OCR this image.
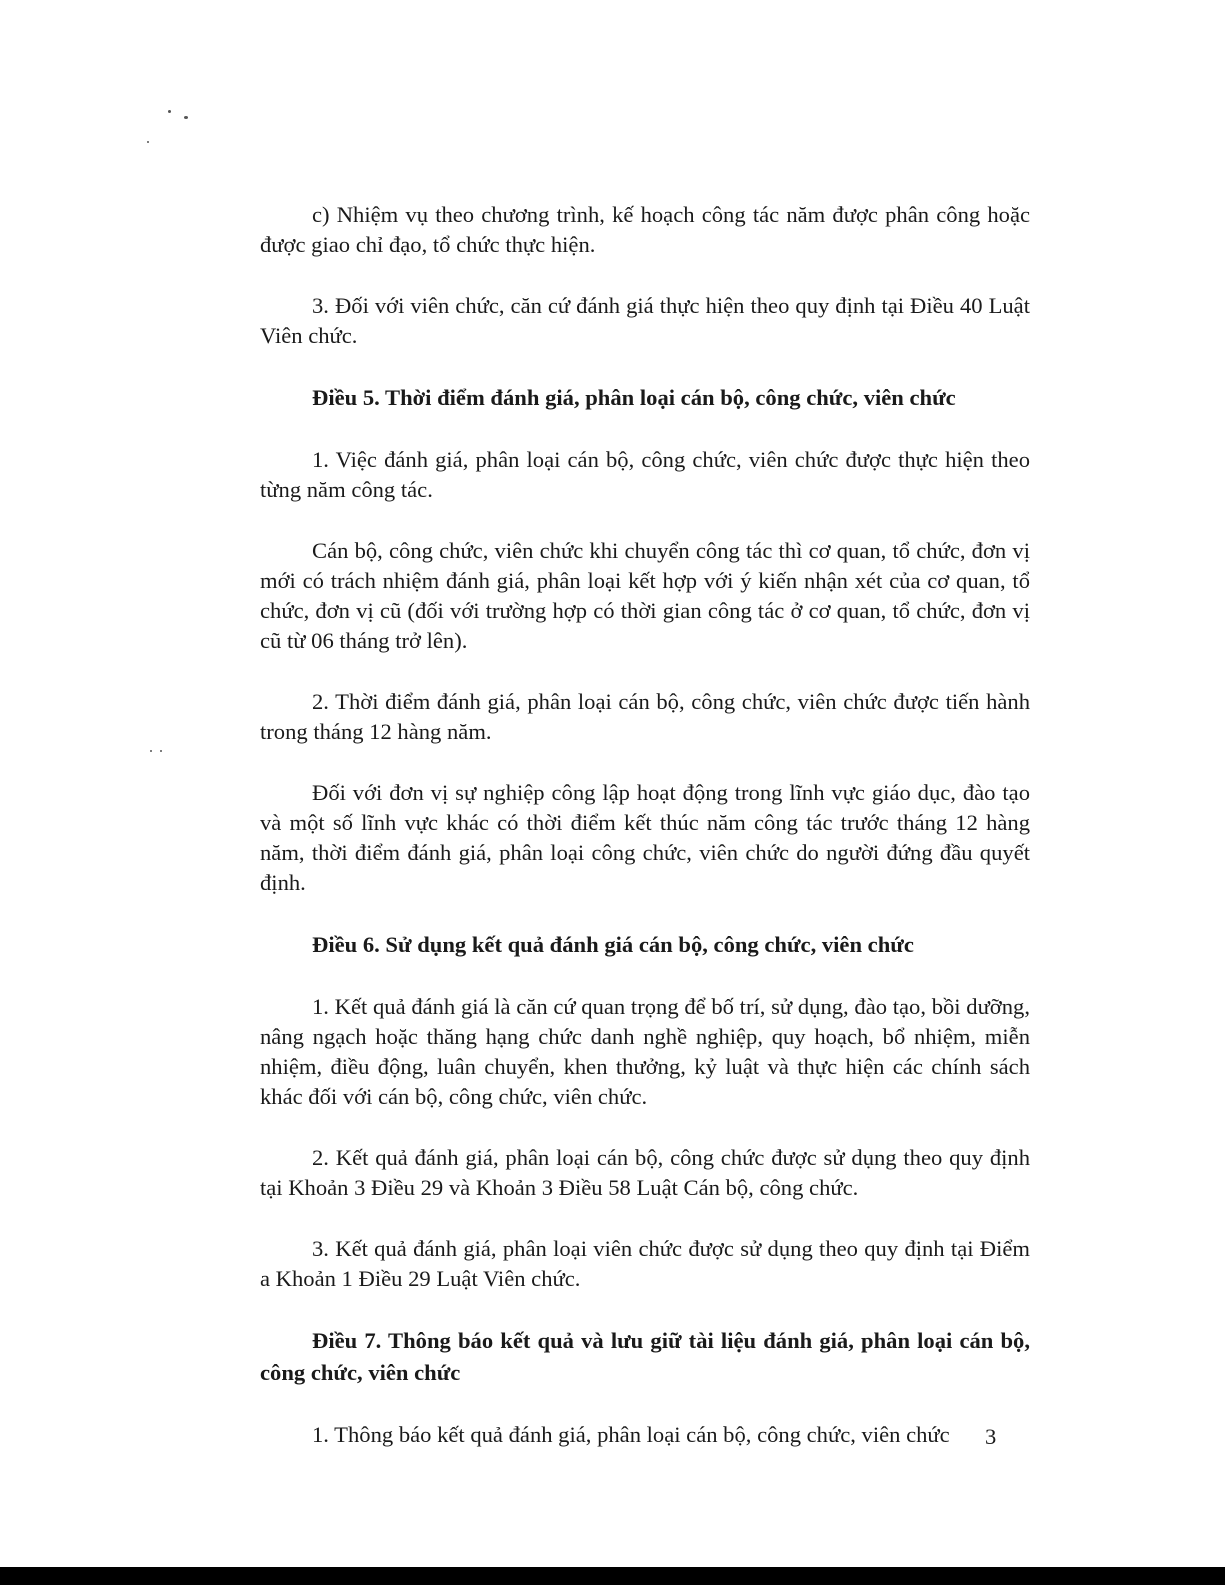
c) Nhiệm vụ theo chương trình, kế hoạch công tác năm được phân công hoặc được giao chỉ đạo, tổ chức thực hiện.

3. Đối với viên chức, căn cứ đánh giá thực hiện theo quy định tại Điều 40 Luật Viên chức.

Điều 5. Thời điểm đánh giá, phân loại cán bộ, công chức, viên chức

1. Việc đánh giá, phân loại cán bộ, công chức, viên chức được thực hiện theo từng năm công tác.

Cán bộ, công chức, viên chức khi chuyển công tác thì cơ quan, tổ chức, đơn vị mới có trách nhiệm đánh giá, phân loại kết hợp với ý kiến nhận xét của cơ quan, tổ chức, đơn vị cũ (đối với trường hợp có thời gian công tác ở cơ quan, tổ chức, đơn vị cũ từ 06 tháng trở lên).

2. Thời điểm đánh giá, phân loại cán bộ, công chức, viên chức được tiến hành trong tháng 12 hàng năm.

Đối với đơn vị sự nghiệp công lập hoạt động trong lĩnh vực giáo dục, đào tạo và một số lĩnh vực khác có thời điểm kết thúc năm công tác trước tháng 12 hàng năm, thời điểm đánh giá, phân loại công chức, viên chức do người đứng đầu quyết định.

Điều 6. Sử dụng kết quả đánh giá cán bộ, công chức, viên chức

1. Kết quả đánh giá là căn cứ quan trọng để bố trí, sử dụng, đào tạo, bồi dưỡng, nâng ngạch hoặc thăng hạng chức danh nghề nghiệp, quy hoạch, bổ nhiệm, miễn nhiệm, điều động, luân chuyển, khen thưởng, kỷ luật và thực hiện các chính sách khác đối với cán bộ, công chức, viên chức.

2. Kết quả đánh giá, phân loại cán bộ, công chức được sử dụng theo quy định tại Khoản 3 Điều 29 và Khoản 3 Điều 58 Luật Cán bộ, công chức.

3. Kết quả đánh giá, phân loại viên chức được sử dụng theo quy định tại Điểm a Khoản 1 Điều 29 Luật Viên chức.

Điều 7. Thông báo kết quả và lưu giữ tài liệu đánh giá, phân loại cán bộ, công chức, viên chức

1. Thông báo kết quả đánh giá, phân loại cán bộ, công chức, viên chức	3
